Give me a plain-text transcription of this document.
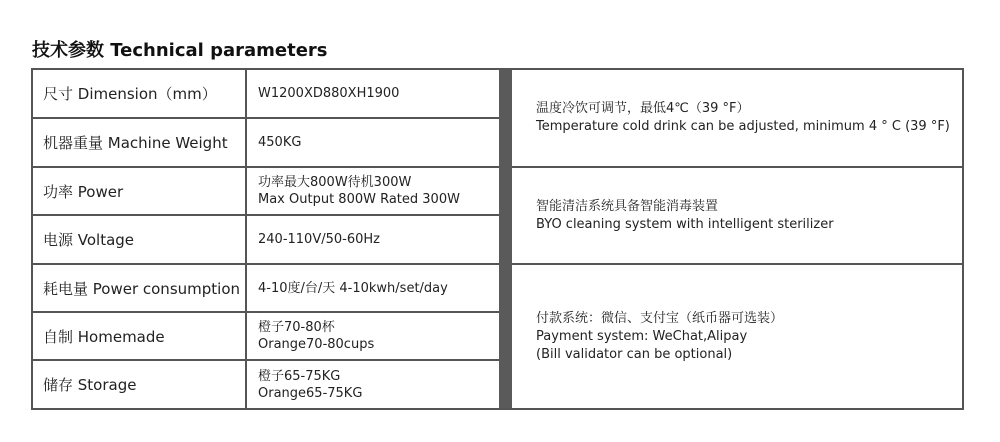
技术参数 Technical parameters
尺寸 Dimension（mm）	W1200XD880XH1900
机器重量 Machine Weight	450KG
功率 Power	功率最大800W待机300W
Max Output 800W Rated 300W
电源 Voltage	240-110V/50-60Hz
耗电量 Power consumption	4-10度/台/天 4-10kwh/set/day
自制 Homemade	橙子70-80杯
Orange70-80cups
储存 Storage	橙子65-75KG
Orange65-75KG
温度冷饮可调节，最低4℃（39 °F）
Temperature cold drink can be adjusted, minimum 4 ° C (39 °F)
智能清洁系统具备智能消毒装置
BYO cleaning system with intelligent sterilizer
付款系统：微信、支付宝（纸币器可选装）
Payment system: WeChat,Alipay
(Bill validator can be optional)
